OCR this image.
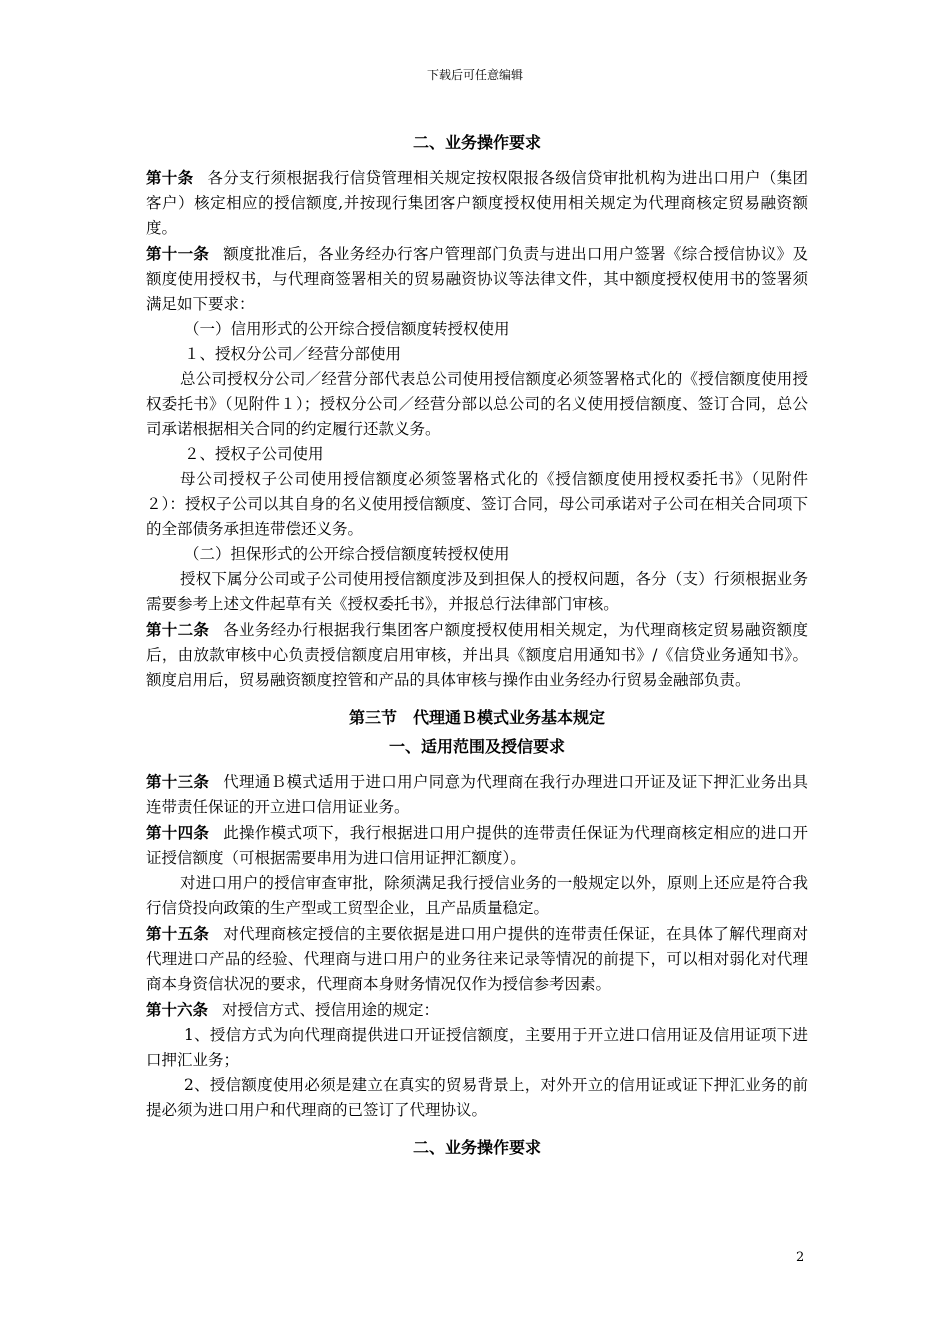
下载后可任意编辑
二、业务操作要求

第十条 各分支行须根据我行信贷管理相关规定按权限报各级信贷审批机构为进出口用户（集团客户）核定相应的授信额度,并按现行集团客户额度授权使用相关规定为代理商核定贸易融资额度。

第十一条 额度批准后，各业务经办行客户管理部门负责与进出口用户签署《综合授信协议》及额度使用授权书，与代理商签署相关的贸易融资协议等法律文件，其中额度授权使用书的签署须满足如下要求：

（一）信用形式的公开综合授信额度转授权使用

１、授权分公司／经营分部使用

总公司授权分公司／经营分部代表总公司使用授信额度必须签署格式化的《授信额度使用授权委托书》（见附件１）；授权分公司／经营分部以总公司的名义使用授信额度、签订合同，总公司承诺根据相关合同的约定履行还款义务。

２、授权子公司使用

母公司授权子公司使用授信额度必须签署格式化的《授信额度使用授权委托书》（见附件２）：授权子公司以其自身的名义使用授信额度、签订合同，母公司承诺对子公司在相关合同项下的全部债务承担连带偿还义务。

（二）担保形式的公开综合授信额度转授权使用

授权下属分公司或子公司使用授信额度涉及到担保人的授权问题，各分（支）行须根据业务需要参考上述文件起草有关《授权委托书》，并报总行法律部门审核。

第十二条 各业务经办行根据我行集团客户额度授权使用相关规定，为代理商核定贸易融资额度后，由放款审核中心负责授信额度启用审核，并出具《额度启用通知书》/《信贷业务通知书》。额度启用后，贸易融资额度控管和产品的具体审核与操作由业务经办行贸易金融部负责。

第三节　代理通Ｂ模式业务基本规定
一、适用范围及授信要求

第十三条 代理通Ｂ模式适用于进口用户同意为代理商在我行办理进口开证及证下押汇业务出具连带责任保证的开立进口信用证业务。

第十四条 此操作模式项下，我行根据进口用户提供的连带责任保证为代理商核定相应的进口开证授信额度（可根据需要串用为进口信用证押汇额度）。

对进口用户的授信审查审批，除须满足我行授信业务的一般规定以外，原则上还应是符合我行信贷投向政策的生产型或工贸型企业，且产品质量稳定。

第十五条 对代理商核定授信的主要依据是进口用户提供的连带责任保证，在具体了解代理商对代理进口产品的经验、代理商与进口用户的业务往来记录等情况的前提下，可以相对弱化对代理商本身资信状况的要求，代理商本身财务情况仅作为授信参考因素。

第十六条 对授信方式、授信用途的规定：

1、授信方式为向代理商提供进口开证授信额度，主要用于开立进口信用证及信用证项下进口押汇业务；

2、授信额度使用必须是建立在真实的贸易背景上，对外开立的信用证或证下押汇业务的前提必须为进口用户和代理商的已签订了代理协议。

二、业务操作要求
2
